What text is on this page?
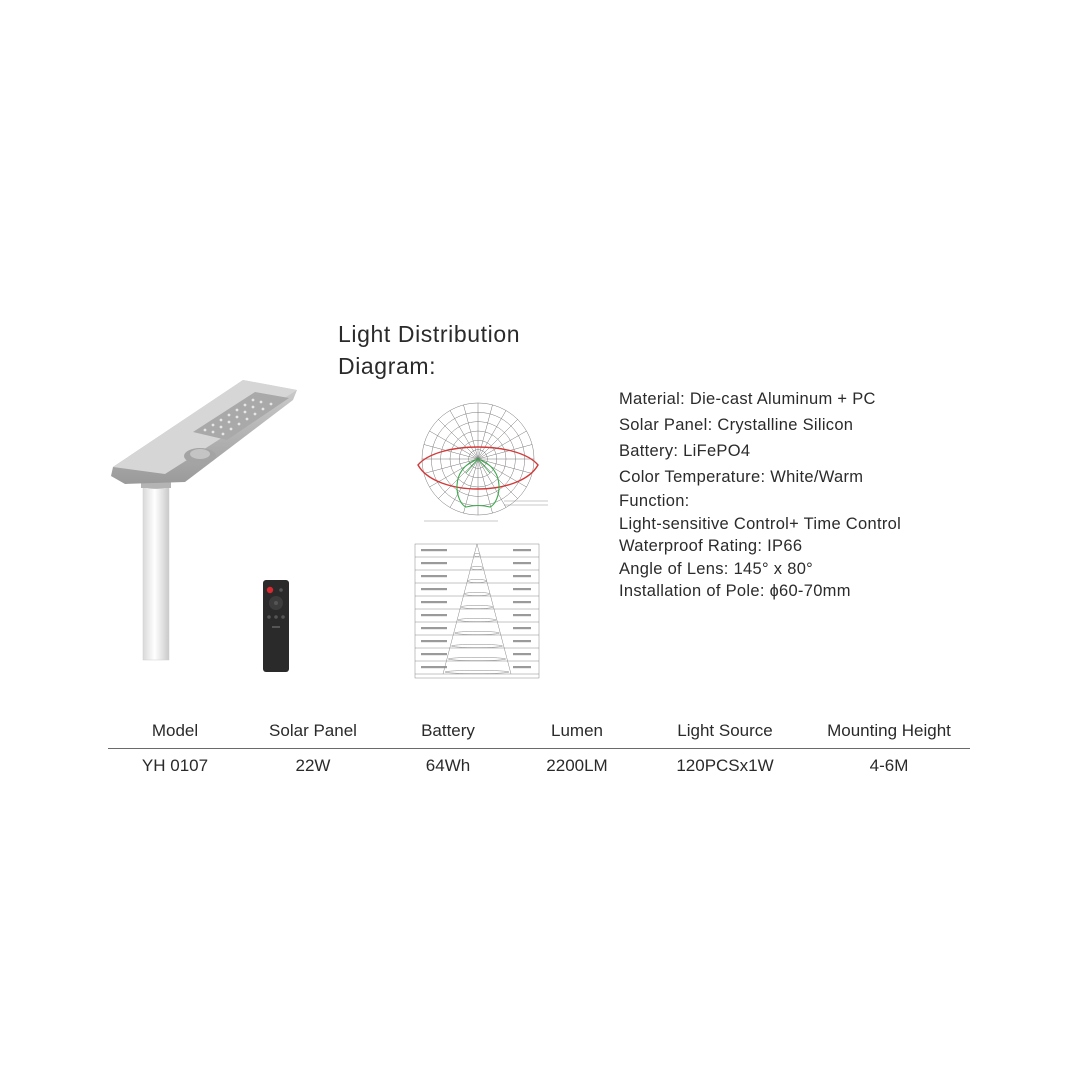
Light Distribution
Diagram:
Material: Die-cast Aluminum + PC
Solar Panel: Crystalline Silicon
Battery: LiFePO4
Color Temperature: White/Warm
Function:
Light-sensitive Control+ Time Control
Waterproof Rating: IP66
Angle of Lens: 145° x 80°
Installation of Pole: ɸ60-70mm
Model	Solar Panel	Battery	Lumen	Light Source	Mounting Height
YH 0107	22W	64Wh	2200LM	120PCSx1W	4-6M
